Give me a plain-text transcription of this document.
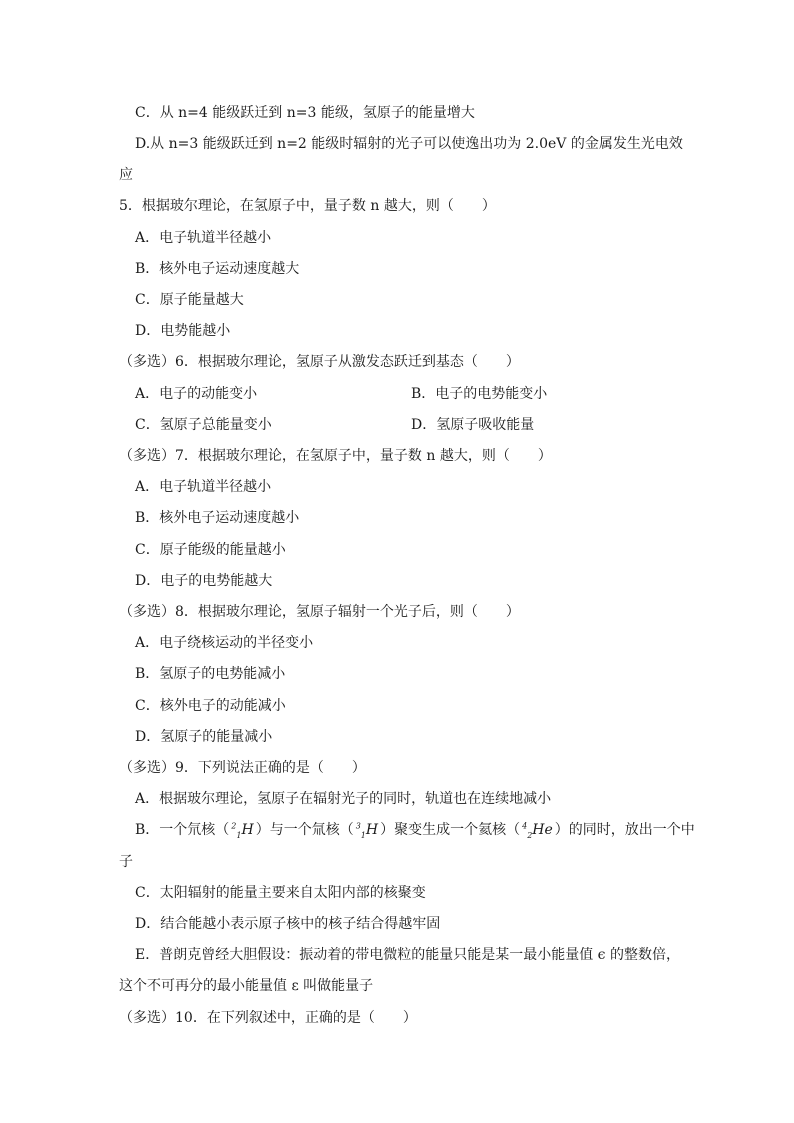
C．从 n=4 能级跃迁到 n=3 能级，氢原子的能量增大
D.从 n=3 能级跃迁到 n=2 能级时辐射的光子可以使逸出功为 2.0eV 的金属发生光电效
应
5．根据玻尔理论，在氢原子中，量子数 n 越大，则（　　）
A．电子轨道半径越小
B．核外电子运动速度越大
C．原子能量越大
D．电势能越小
（多选）6．根据玻尔理论，氢原子从激发态跃迁到基态（　　）
A．电子的动能变小	B．电子的电势能变小
C．氢原子总能量变小	D．氢原子吸收能量
（多选）7．根据玻尔理论，在氢原子中，量子数 n 越大，则（　　）
A．电子轨道半径越小
B．核外电子运动速度越小
C．原子能级的能量越小
D．电子的电势能越大
（多选）8．根据玻尔理论，氢原子辐射一个光子后，则（　　）
A．电子绕核运动的半径变小
B．氢原子的电势能减小
C．核外电子的动能减小
D．氢原子的能量减小
（多选）9．下列说法正确的是（　　）
A．根据玻尔理论，氢原子在辐射光子的同时，轨道也在连续地减小
B．一个氘核（ $^2_1$H ）与一个氚核（ $^3_1$H ）聚变生成一个氦核（ $^4_2$He ）的同时，放出一个中
子
C．太阳辐射的能量主要来自太阳内部的核聚变
D．结合能越小表示原子核中的核子结合得越牢固
E．普朗克曾经大胆假设：振动着的带电微粒的能量只能是某一最小能量值 ϵ 的整数倍，
这个不可再分的最小能量值 ε 叫做能量子
（多选）10．在下列叙述中，正确的是（　　）
